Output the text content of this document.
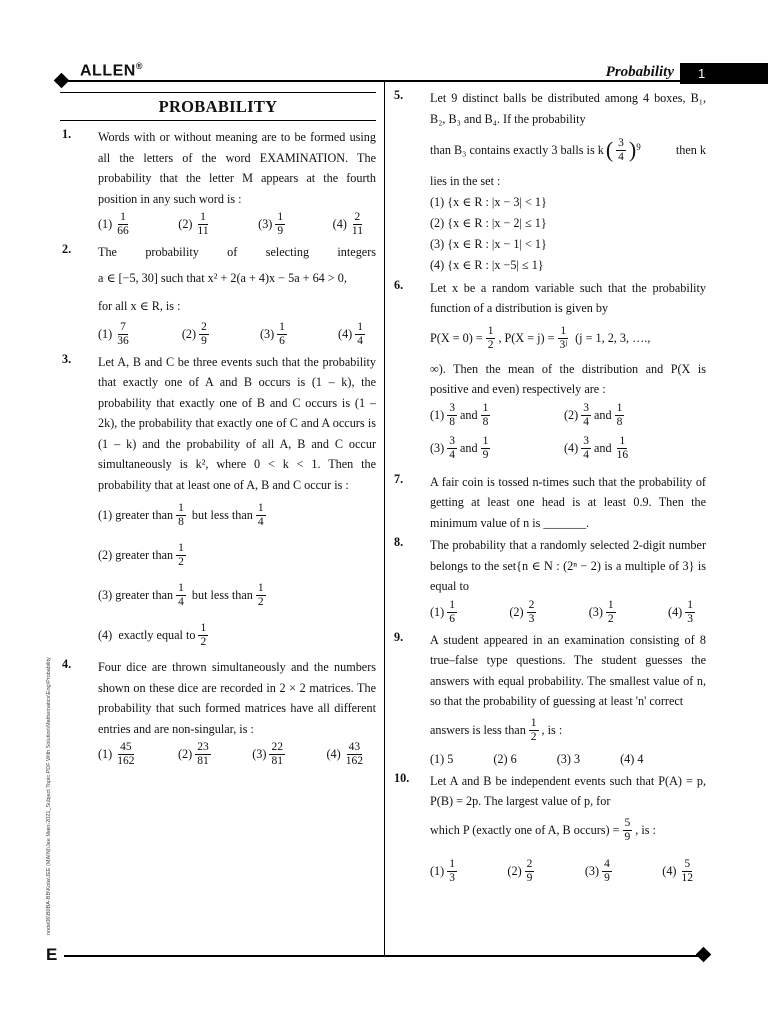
ALLEN®	Probability	1
E
node06\B0BA-BB\Kota\JEE (MAIN)\Jee Main-2021_Subject Topic PDF With Solution\Mathematics\Eng\Probability
PROBABILITY
1. Words with or without meaning are to be formed using all the letters of the word EXAMINATION. The probability that the letter M appears at the fourth position in any such word is :
$(1) \frac{1}{66}$	$(2) \frac{1}{11}$	$(3) \frac{1}{9}$	$(4) \frac{2}{11}$
2. The probability of selecting integers
a ∈ [−5, 30] such that x² + 2(a + 4)x − 5a + 64 > 0,
for all x ∈ R, is :
$(1) \frac{7}{36}$	$(2) \frac{2}{9}$	$(3) \frac{1}{6}$	$(4) \frac{1}{4}$
3. Let A, B and C be three events such that the probability that exactly one of A and B occurs is (1 – k), the probability that exactly one of B and C occurs is (1 – 2k), the probability that exactly one of C and A occurs is (1 – k) and the probability of all A, B and C occur simultaneously is k², where 0 < k < 1. Then the probability that at least one of A, B and C occur is :
(1)
greater than $\frac{1}{8}$
but less than $\frac{1}{4}$
(2)
greater than $\frac{1}{2}$
(3)
greater than $\frac{1}{4}$
but less than $\frac{1}{2}$
(4)
exactly equal to $\frac{1}{2}$
4. Four dice are thrown simultaneously and the numbers shown on these dice are recorded in 2 × 2 matrices. The probability that such formed matrices have all different entries and are non-singular, is :
$(1) \frac{45}{162}$	$(2) \frac{23}{81}$	$(3) \frac{22}{81}$	$(4) \frac{43}{162}$
5. Let 9 distinct balls be distributed among 4 boxes, B₁, B₂, B₃ and B₄. If the probability
than B₃ contains exactly 3 balls is k ( $\frac{3}{4} )^9$	then k
lies in the set :
(1) {x ∈ R : |x − 3| < 1}
(2) {x ∈ R : |x − 2| ≤ 1}
(3) {x ∈ R : |x − 1| < 1}
(4) {x ∈ R : |x −5| ≤ 1}
6. Let x be a random variable such that the probability function of a distribution is given by
$P(X = 0) = \frac{1}{2}$ , $P(X = j) = \frac{1}{\text{3ʲ}}$
(j = 1, 2, 3, ….,
∞). Then the mean of the distribution and P(X is positive and even) respectively are :
$(1) \frac{3}{8}$ and $\frac{1}{8}$	$(2) \frac{3}{4}$ and $\frac{1}{8}$
$(3) \frac{3}{4}$ and $\frac{1}{9}$	$(4) \frac{3}{4}$ and $\frac{1}{16}$
7. A fair coin is tossed n-times such that the probability of getting at least one head is at least 0.9. Then the minimum value of n is _______.
8. The probability that a randomly selected 2-digit number belongs to the set{n ∈ N : (2ⁿ − 2) is a multiple of 3} is equal to
$(1) \frac{1}{6}$	$(2) \frac{2}{3}$	$(3) \frac{1}{2}$	$(4) \frac{1}{3}$
9. A student appeared in an examination consisting of 8 true–false type questions. The student guesses the answers with equal probability. The smallest value of n, so that the probability of guessing at least 'n' correct
answers is less than $\frac{1}{2}$ , is :
(1) 5	(2) 6	(3) 3	(4) 4
10. Let A and B be independent events such that P(A) = p, P(B) = 2p. The largest value of p, for
which P (exactly one of A, B occurs) = $\frac{5}{9}$ , is :
$(1) \frac{1}{3}$	$(2) \frac{2}{9}$	$(3) \frac{4}{9}$	$(4) \frac{5}{12}$
